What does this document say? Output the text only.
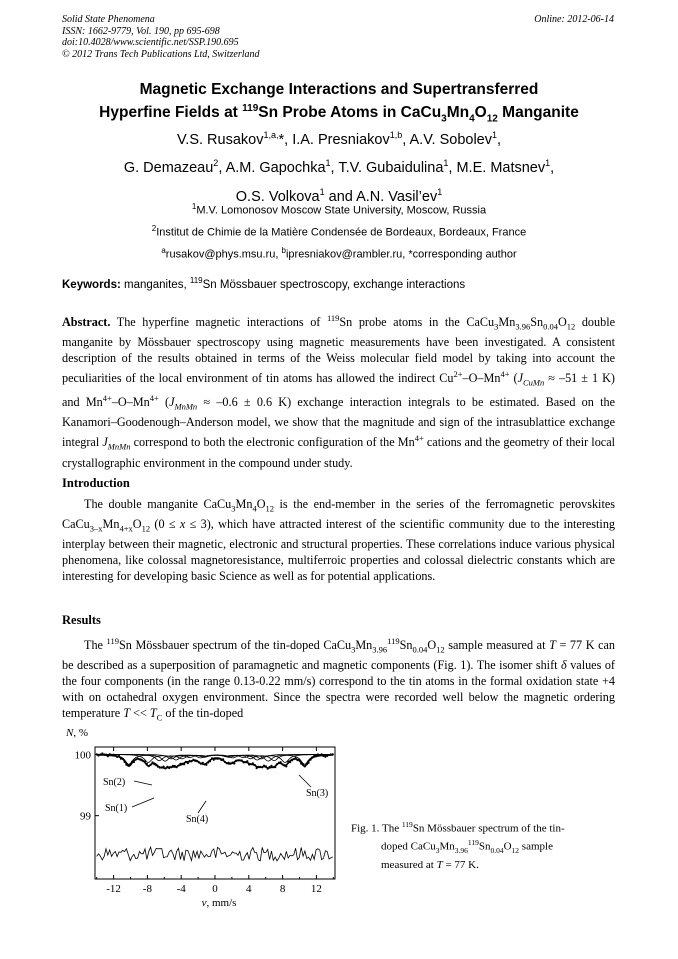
Solid State Phenomena
ISSN: 1662-9779, Vol. 190, pp 695-698
doi:10.4028/www.scientific.net/SSP.190.695
© 2012 Trans Tech Publications Ltd, Switzerland
Online: 2012-06-14
Magnetic Exchange Interactions and Supertransferred
Hyperfine Fields at $^{119}$Sn Probe Atoms in $CaCu_3Mn_4O_{12}$ Manganite
V.S. Rusakov$^{1,a,}$*, I.A. Presniakov$^{1,b}$, A.V. Sobolev$^1$,
G. Demazeau$^2$, A.M. Gapochka$^1$, T.V. Gubaidulina$^1$, M.E. Matsnev$^1$,
O.S. Volkova$^1$ and A.N. $Vasil’ev^1$
$^1$M.V. Lomonosov Moscow State University, Moscow, Russia
$^2$Institut de Chimie de la Matière Condensée de Bordeaux, Bordeaux, France
$^a$rusakov@phys.msu.ru, $^b$ipresniakov@rambler.ru, *corresponding author
Keywords: manganites, $^{119}$Sn Mössbauer spectroscopy, exchange interactions
Abstract. The hyperfine magnetic interactions of $^{119}$Sn probe atoms in the $CaCu_3Mn_{3.96}Sn_{0.04}O_{12}$ double manganite by Mössbauer spectroscopy using magnetic measurements have been investigated. A consistent description of the results obtained in terms of the Weiss molecular field model by taking into account the peculiarities of the local environment of tin atoms has allowed the indirect $Cu^{2+}-O-Mn^{4+}$ ($J_{CuMn} \approx -51 \pm 1$ K) and $Mn^{4+}-O-Mn^{4+}$ ($J_{MnMn} \approx -0.6 \pm 0.6$ K) exchange interaction integrals to be estimated. Based on the Kanamori–Goodenough–Anderson model, we show that the magnitude and sign of the intrasublattice exchange integral $J_{MnMn}$ correspond to both the electronic configuration of the $Mn^{4+}$ cations and the geometry of their local crystallographic environment in the compound under study.
Introduction
The double manganite $CaCu_3Mn_4O_{12}$ is the end-member in the series of the ferromagnetic perovskites $CaCu_{3-x}Mn_{4+x}O_{12}$ (0 ≤ x ≤ 3), which have attracted interest of the scientific community due to the interesting interplay between their magnetic, electronic and structural properties. These correlations induce various physical phenomena, like colossal magnetoresistance, multiferroic properties and colossal dielectric constants which are interesting for developing basic Science as well as for potential applications.
Results
The $^{119}$Sn Mössbauer spectrum of the tin-doped $CaCu_3Mn_{3.96}^{119}Sn_{0.04}O_{12}$ sample measured at T = 77 K can be described as a superposition of paramagnetic and magnetic components (Fig. 1). The isomer shift δ values of the four components (in the range 0.13-0.22 mm/s) correspond to the tin atoms in the formal oxidation state +4 with on octahedral oxygen environment. Since the spectra were recorded well below the magnetic ordering temperature $T << T_C$ of the tin-doped
-12 -8 -4 0	4	8 12
99
100
N, %
v, mm/s
Sn(2)
Sn(1)
Sn(4)
Sn(3)
Fig. 1. The $^{119}$Sn Mössbauer spectrum of the tin-
doped $CaCu_3Mn_{3.96}^{119}Sn_{0.04}O_{12}$ sample
measured at T = 77 K.
